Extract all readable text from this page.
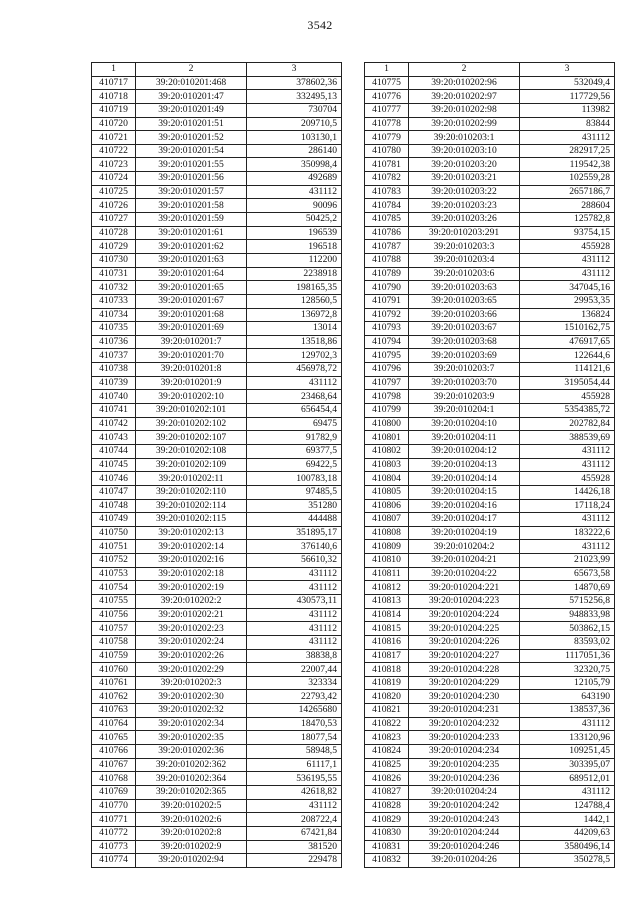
3542
1	2	3
410717	39:20:010201:468	378602,36
410718	39:20:010201:47	332495,13
410719	39:20:010201:49	730704
410720	39:20:010201:51	209710,5
410721	39:20:010201:52	103130,1
410722	39:20:010201:54	286140
410723	39:20:010201:55	350998,4
410724	39:20:010201:56	492689
410725	39:20:010201:57	431112
410726	39:20:010201:58	90096
410727	39:20:010201:59	50425,2
410728	39:20:010201:61	196539
410729	39:20:010201:62	196518
410730	39:20:010201:63	112200
410731	39:20:010201:64	2238918
410732	39:20:010201:65	198165,35
410733	39:20:010201:67	128560,5
410734	39:20:010201:68	136972,8
410735	39:20:010201:69	13014
410736	39:20:010201:7	13518,86
410737	39:20:010201:70	129702,3
410738	39:20:010201:8	456978,72
410739	39:20:010201:9	431112
410740	39:20:010202:10	23468,64
410741	39:20:010202:101	656454,4
410742	39:20:010202:102	69475
410743	39:20:010202:107	91782,9
410744	39:20:010202:108	69377,5
410745	39:20:010202:109	69422,5
410746	39:20:010202:11	100783,18
410747	39:20:010202:110	97485,5
410748	39:20:010202:114	351280
410749	39:20:010202:115	444488
410750	39:20:010202:13	351895,17
410751	39:20:010202:14	376140,6
410752	39:20:010202:16	56610,32
410753	39:20:010202:18	431112
410754	39:20:010202:19	431112
410755	39:20:010202:2	430573,11
410756	39:20:010202:21	431112
410757	39:20:010202:23	431112
410758	39:20:010202:24	431112
410759	39:20:010202:26	38838,8
410760	39:20:010202:29	22007,44
410761	39:20:010202:3	323334
410762	39:20:010202:30	22793,42
410763	39:20:010202:32	14265680
410764	39:20:010202:34	18470,53
410765	39:20:010202:35	18077,54
410766	39:20:010202:36	58948,5
410767	39:20:010202:362	61117,1
410768	39:20:010202:364	536195,55
410769	39:20:010202:365	42618,82
410770	39:20:010202:5	431112
410771	39:20:010202:6	208722,4
410772	39:20:010202:8	67421,84
410773	39:20:010202:9	381520
410774	39:20:010202:94	229478
1	2	3
410775	39:20:010202:96	532049,4
410776	39:20:010202:97	117729,56
410777	39:20:010202:98	113982
410778	39:20:010202:99	83844
410779	39:20:010203:1	431112
410780	39:20:010203:10	282917,25
410781	39:20:010203:20	119542,38
410782	39:20:010203:21	102559,28
410783	39:20:010203:22	2657186,7
410784	39:20:010203:23	288604
410785	39:20:010203:26	125782,8
410786	39:20:010203:291	93754,15
410787	39:20:010203:3	455928
410788	39:20:010203:4	431112
410789	39:20:010203:6	431112
410790	39:20:010203:63	347045,16
410791	39:20:010203:65	29953,35
410792	39:20:010203:66	136824
410793	39:20:010203:67	1510162,75
410794	39:20:010203:68	476917,65
410795	39:20:010203:69	122644,6
410796	39:20:010203:7	114121,6
410797	39:20:010203:70	3195054,44
410798	39:20:010203:9	455928
410799	39:20:010204:1	5354385,72
410800	39:20:010204:10	202782,84
410801	39:20:010204:11	388539,69
410802	39:20:010204:12	431112
410803	39:20:010204:13	431112
410804	39:20:010204:14	455928
410805	39:20:010204:15	14426,18
410806	39:20:010204:16	17118,24
410807	39:20:010204:17	431112
410808	39:20:010204:19	183222,6
410809	39:20:010204:2	431112
410810	39:20:010204:21	21023,99
410811	39:20:010204:22	65673,58
410812	39:20:010204:221	14870,69
410813	39:20:010204:223	5715256,8
410814	39:20:010204:224	948833,98
410815	39:20:010204:225	503862,15
410816	39:20:010204:226	83593,02
410817	39:20:010204:227	1117051,36
410818	39:20:010204:228	32320,75
410819	39:20:010204:229	12105,79
410820	39:20:010204:230	643190
410821	39:20:010204:231	138537,36
410822	39:20:010204:232	431112
410823	39:20:010204:233	133120,96
410824	39:20:010204:234	109251,45
410825	39:20:010204:235	303395,07
410826	39:20:010204:236	689512,01
410827	39:20:010204:24	431112
410828	39:20:010204:242	124788,4
410829	39:20:010204:243	1442,1
410830	39:20:010204:244	44209,63
410831	39:20:010204:246	3580496,14
410832	39:20:010204:26	350278,5
